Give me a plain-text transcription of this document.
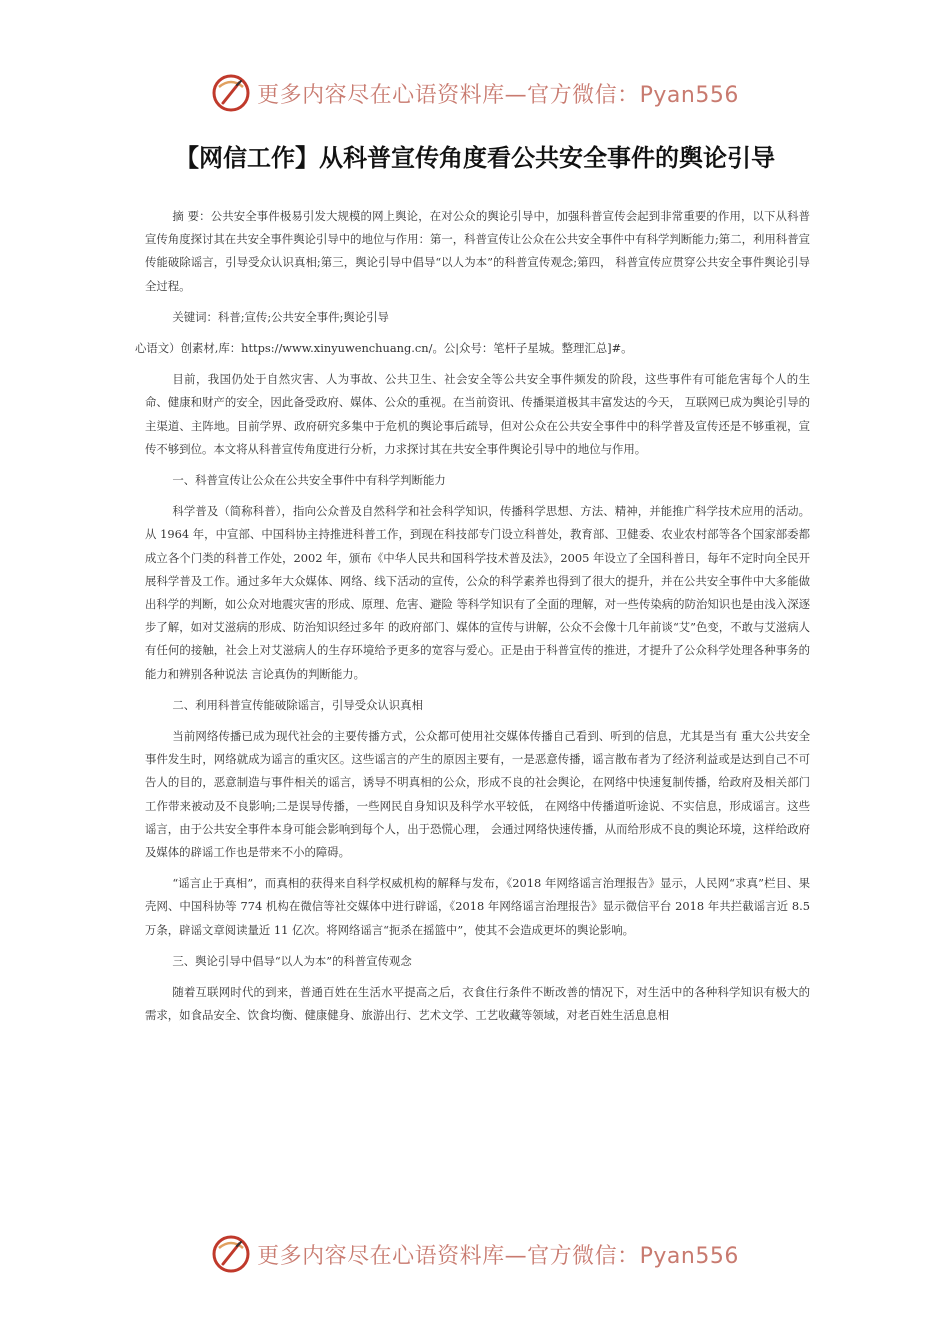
更多内容尽在心语资料库—官方微信：Pyan556
【网信工作】从科普宣传角度看公共安全事件的舆论引导

摘 要：公共安全事件极易引发大规模的网上舆论，在对公众的舆论引导中，加强科普宣传会起到非常重要的作用，以下从科普宣传角度探讨其在共安全事件舆论引导中的地位与作用：第一，科普宣传让公众在公共安全事件中有科学判断能力;第二，利用科普宣传能破除谣言，引导受众认识真相;第三，舆论引导中倡导“以人为本”的科普宣传观念;第四， 科普宣传应贯穿公共安全事件舆论引导全过程。

关键词：科普;宣传;公共安全事件;舆论引导

心语文）创素材,库：https://www.xinyuwenchuang.cn/。公|众号：笔杆子星城。整理汇总]#。

目前，我国仍处于自然灾害、人为事故、公共卫生、社会安全等公共安全事件频发的阶段，这些事件有可能危害每个人的生命、健康和财产的安全，因此备受政府、媒体、公众的重视。在当前资讯、传播渠道极其丰富发达的今天， 互联网已成为舆论引导的主渠道、主阵地。目前学界、政府研究多集中于危机的舆论事后疏导，但对公众在公共安全事件中的科学普及宣传还是不够重视，宣传不够到位。本文将从科普宣传角度进行分析，力求探讨其在共安全事件舆论引导中的地位与作用。

一、科普宣传让公众在公共安全事件中有科学判断能力

科学普及（简称科普），指向公众普及自然科学和社会科学知识，传播科学思想、方法、精神，并能推广科学技术应用的活动。从 1964 年，中宣部、中国科协主持推进科普工作，到现在科技部专门设立科普处，教育部、卫健委、农业农村部等各个国家部委都成立各个门类的科普工作处，2002 年，颁布《中华人民共和国科学技术普及法》，2005 年设立了全国科普日，每年不定时向全民开展科学普及工作。通过多年大众媒体、网络、线下活动的宣传，公众的科学素养也得到了很大的提升，并在公共安全事件中大多能做出科学的判断，如公众对地震灾害的形成、原理、危害、避险 等科学知识有了全面的理解，对一些传染病的防治知识也是由浅入深逐步了解，如对艾滋病的形成、防治知识经过多年 的政府部门、媒体的宣传与讲解，公众不会像十几年前谈“艾”色变，不敢与艾滋病人有任何的接触，社会上对艾滋病人的生存环境给予更多的宽容与爱心。正是由于科普宣传的推进，才提升了公众科学处理各种事务的能力和辨别各种说法 言论真伪的判断能力。

二、利用科普宣传能破除谣言，引导受众认识真相

当前网络传播已成为现代社会的主要传播方式，公众都可使用社交媒体传播自己看到、听到的信息，尤其是当有 重大公共安全事件发生时，网络就成为谣言的重灾区。这些谣言的产生的原因主要有，一是恶意传播，谣言散布者为了经济利益或是达到自己不可告人的目的，恶意制造与事件相关的谣言，诱导不明真相的公众，形成不良的社会舆论，在网络中快速复制传播，给政府及相关部门工作带来被动及不良影响;二是误导传播，一些网民自身知识及科学水平较低， 在网络中传播道听途说、不实信息，形成谣言。这些谣言，由于公共安全事件本身可能会影响到每个人，出于恐慌心理， 会通过网络快速传播，从而给形成不良的舆论环境，这样给政府及媒体的辟谣工作也是带来不小的障碍。

“谣言止于真相”，而真相的获得来自科学权威机构的解释与发布，《2018 年网络谣言治理报告》显示，人民网“求真”栏目、果壳网、中国科协等 774 机构在微信等社交媒体中进行辟谣，《2018 年网络谣言治理报告》显示微信平台 2018 年共拦截谣言近 8.5 万条，辟谣文章阅读量近 11 亿次。将网络谣言“扼杀在摇篮中”，使其不会造成更坏的舆论影响。

三、舆论引导中倡导“以人为本”的科普宣传观念

随着互联网时代的到来，普通百姓在生活水平提高之后，衣食住行条件不断改善的情况下，对生活中的各种科学知识有极大的需求，如食品安全、饮食均衡、健康健身、旅游出行、艺术文学、工艺收藏等领域，对老百姓生活息息相

更多内容尽在心语资料库—官方微信：Pyan556
